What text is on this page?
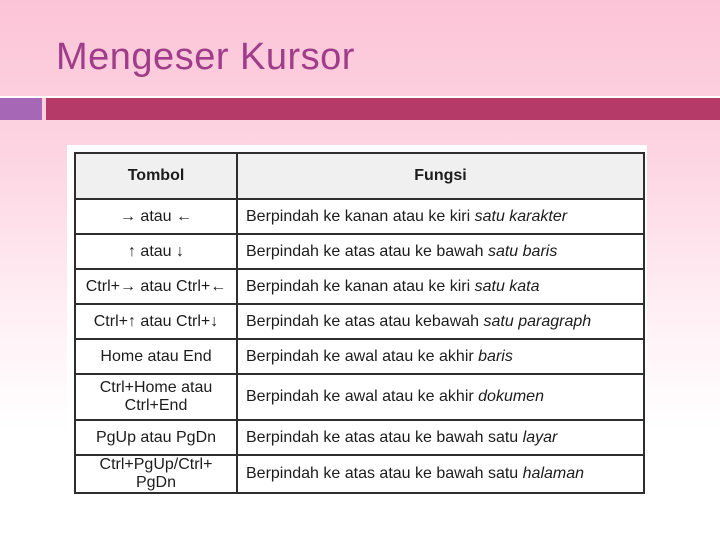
Mengeser Kursor
Tombol	Fungsi
→ atau ←	Berpindah ke kanan atau ke kiri satu karakter
↑ atau ↓	Berpindah ke atas atau ke bawah satu baris
Ctrl+→ atau Ctrl+←	Berpindah ke kanan atau ke kiri satu kata
Ctrl+↑ atau Ctrl+↓	Berpindah ke atas atau kebawah satu paragraph
Home atau End	Berpindah ke awal atau ke akhir baris
Ctrl+Home atau Ctrl+End	Berpindah ke awal atau ke akhir dokumen
PgUp atau PgDn	Berpindah ke atas atau ke bawah satu layar
Ctrl+PgUp/Ctrl+ PgDn	Berpindah ke atas atau ke bawah satu halaman
